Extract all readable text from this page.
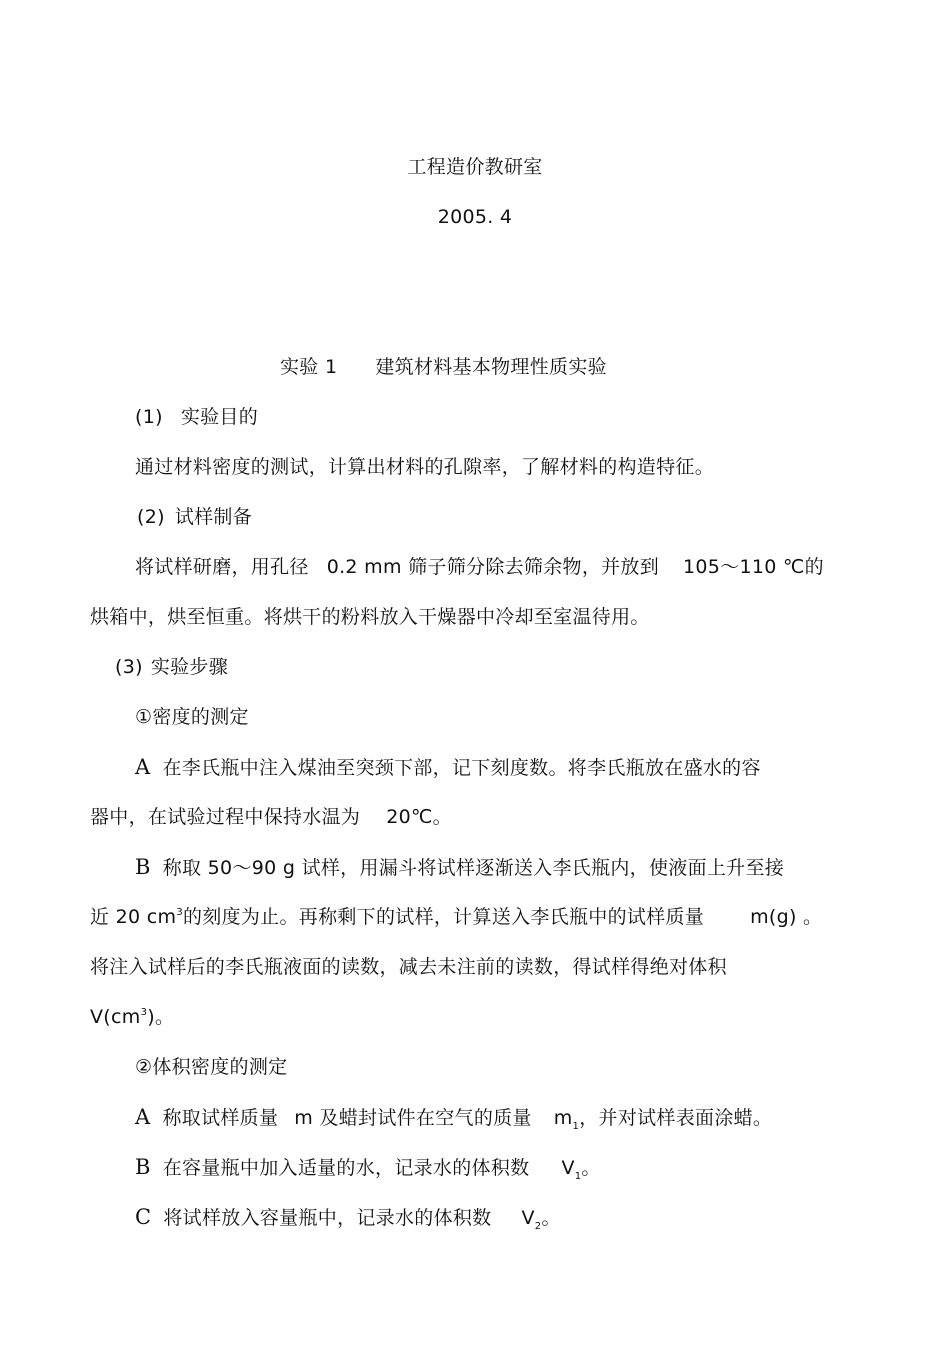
工程造价教研室
2005. 4
实验 1 建筑材料基本物理性质实验
(1) 实验目的
通过材料密度的测试，计算出材料的孔隙率，了解材料的构造特征。
(2) 试样制备
将试样研磨，用孔径 0.2 mm 筛子筛分除去筛余物，并放到 105～110 ℃的
烘箱中，烘至恒重。将烘干的粉料放入干燥器中冷却至室温待用。
(3) 实验步骤
①密度的测定
A 在李氏瓶中注入煤油至突颈下部，记下刻度数。将李氏瓶放在盛水的容
器中，在试验过程中保持水温为 20℃。
B 称取 50～90 g 试样，用漏斗将试样逐渐送入李氏瓶内，使液面上升至接
近 20 $cm^3$的刻度为止。再称剩下的试样，计算送入李氏瓶中的试样质量 m(g) 。
将注入试样后的李氏瓶液面的读数，减去未注前的读数，得试样得绝对体积
$V(cm^3)$。
②体积密度的测定
A 称取试样质量 m 及蜡封试件在空气的质量 $m_1$，并对试样表面涂蜡。
B 在容量瓶中加入适量的水，记录水的体积数 $V_1$。
C 将试样放入容量瓶中，记录水的体积数 $V_2$。
